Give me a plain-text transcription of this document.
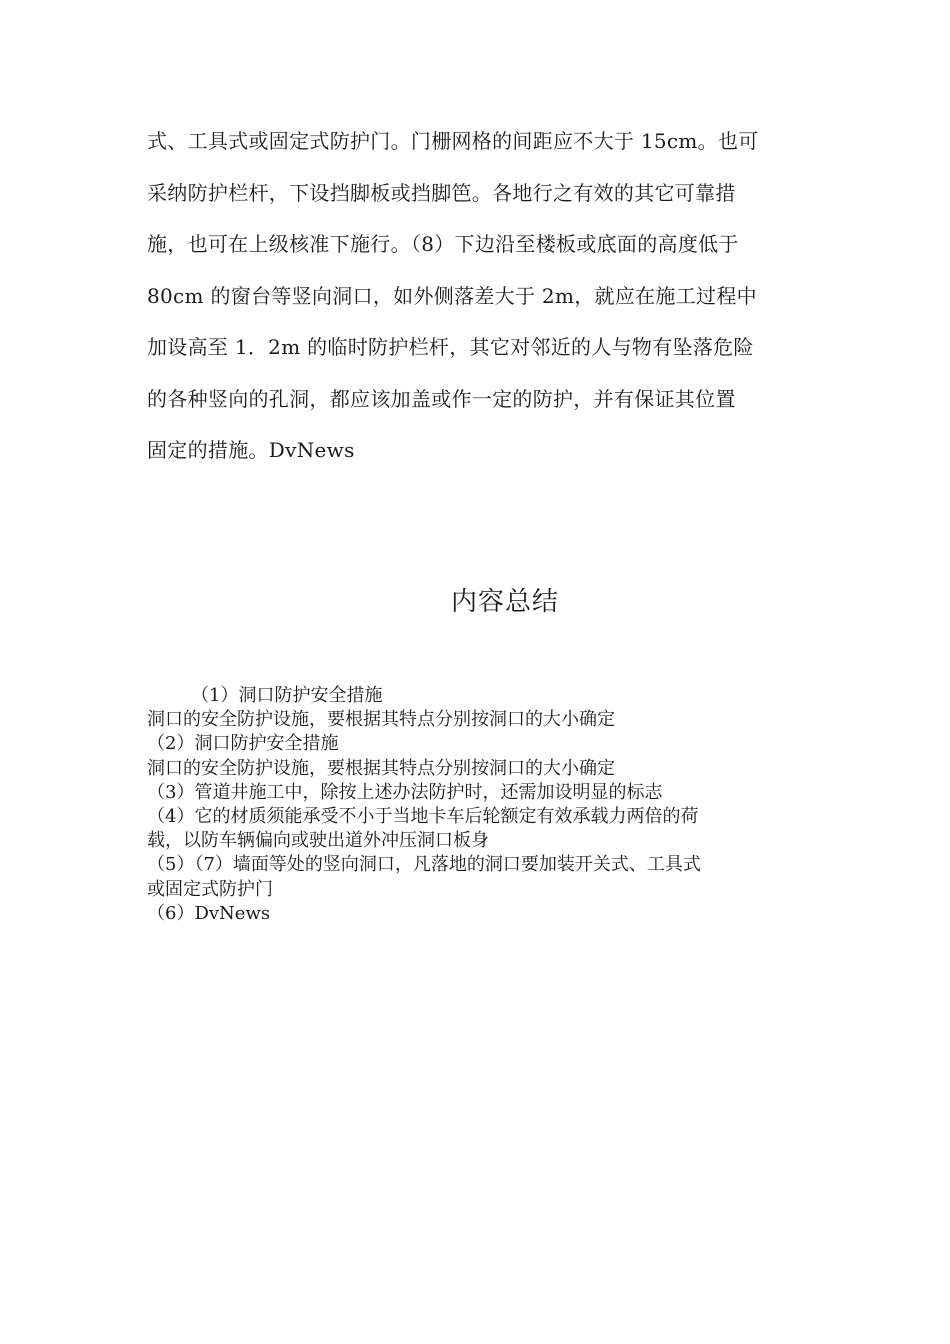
式、工具式或固定式防护门。门栅网格的间距应不大于 15cm。也可
采纳防护栏杆，下设挡脚板或挡脚笆。各地行之有效的其它可靠措
施，也可在上级核准下施行。（8）下边沿至楼板或底面的高度低于
80cm 的窗台等竖向洞口，如外侧落差大于 2m，就应在施工过程中
加设高至 1．2m 的临时防护栏杆，其它对邻近的人与物有坠落危险
的各种竖向的孔洞，都应该加盖或作一定的防护，并有保证其位置
固定的措施。DvNews
内容总结
（1）洞口防护安全措施
洞口的安全防护设施，要根据其特点分别按洞口的大小确定
（2）洞口防护安全措施
洞口的安全防护设施，要根据其特点分别按洞口的大小确定
（3）管道井施工中，除按上述办法防护时，还需加设明显的标志
（4）它的材质须能承受不小于当地卡车后轮额定有效承载力两倍的荷
载，以防车辆偏向或驶出道外冲压洞口板身
（5）（7）墙面等处的竖向洞口，凡落地的洞口要加装开关式、工具式
或固定式防护门
（6）DvNews
